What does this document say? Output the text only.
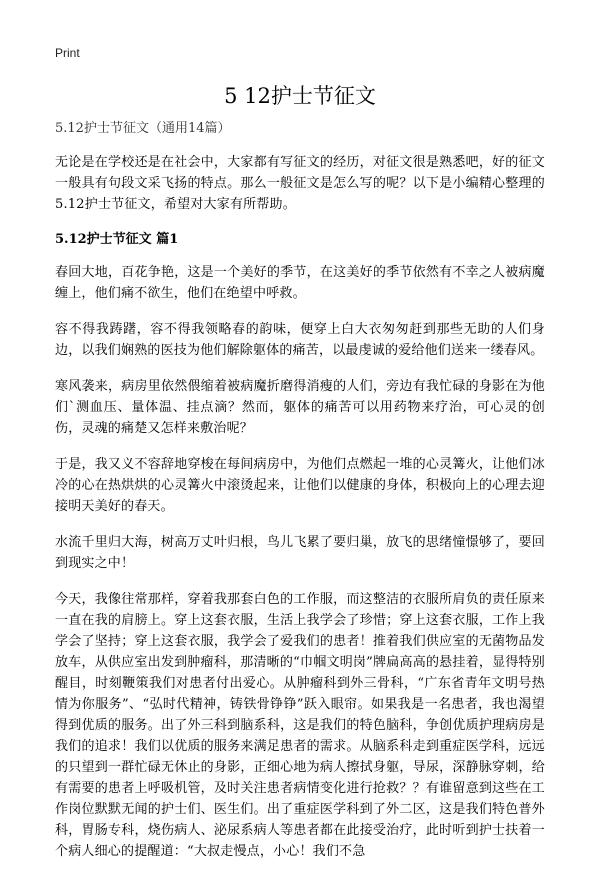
Print
5 12护士节征文

5.12护士节征文（通用14篇）

无论是在学校还是在社会中，大家都有写征文的经历，对征文很是熟悉吧，好的征文一般具有句段文采飞扬的特点。那么一般征文是怎么写的呢？以下是小编精心整理的5.12护士节征文，希望对大家有所帮助。

5.12护士节征文 篇1

春回大地，百花争艳，这是一个美好的季节，在这美好的季节依然有不幸之人被病魔缠上，他们痛不欲生，他们在绝望中呼救。

容不得我踌躇，容不得我领略春的韵味，便穿上白大衣匆匆赶到那些无助的人们身边，以我们娴熟的医技为他们解除躯体的痛苦，以最虔诚的爱给他们送来一缕春风。

寒风袭来，病房里依然偎缩着被病魔折磨得消瘦的人们，旁边有我忙碌的身影在为他们`测血压、量体温、挂点滴？然而，躯体的痛苦可以用药物来疗治，可心灵的创伤，灵魂的痛楚又怎样来敷治呢？

于是，我又义不容辞地穿梭在每间病房中，为他们点燃起一堆的心灵篝火，让他们冰冷的心在热烘烘的心灵篝火中滚烫起来，让他们以健康的身体，积极向上的心理去迎接明天美好的春天。

水流千里归大海，树高万丈叶归根，鸟儿飞累了要归巢，放飞的思绪憧憬够了，要回到现实之中！

今天，我像往常那样，穿着我那套白色的工作服，而这整洁的衣服所肩负的责任原来一直在我的肩膀上。穿上这套衣服，生活上我学会了珍惜；穿上这套衣服，工作上我学会了坚持；穿上这套衣服，我学会了爱我们的患者！推着我们供应室的无菌物品发放车，从供应室出发到肿瘤科，那清晰的“巾帼文明岗”牌扁高高的悬挂着，显得特别醒目，时刻鞭策我们对患者付出爱心。从肿瘤科到外三骨科，“广东省青年文明号热情为你服务”、“弘时代精神，铸铁骨铮铮”跃入眼帘。如果我是一名患者，我也渴望得到优质的服务。出了外三科到脑系科，这是我们的特色脑科，争创优质护理病房是我们的追求！我们以优质的服务来满足患者的需求。从脑系科走到重症医学科，远远的只望到一群忙碌无休止的身影，正细心地为病人擦拭身躯，导尿，深静脉穿刺，给有需要的患者上呼吸机管，及时关注患者病情变化进行抢救？？有谁留意到这些在工作岗位默默无闻的护士们、医生们。出了重症医学科到了外二区，这是我们特色普外科，胃肠专科，烧伤病人、泌尿系病人等患者都在此接受治疗，此时听到护士扶着一个病人细心的提醒道：“大叔走慢点，小心！我们不急
